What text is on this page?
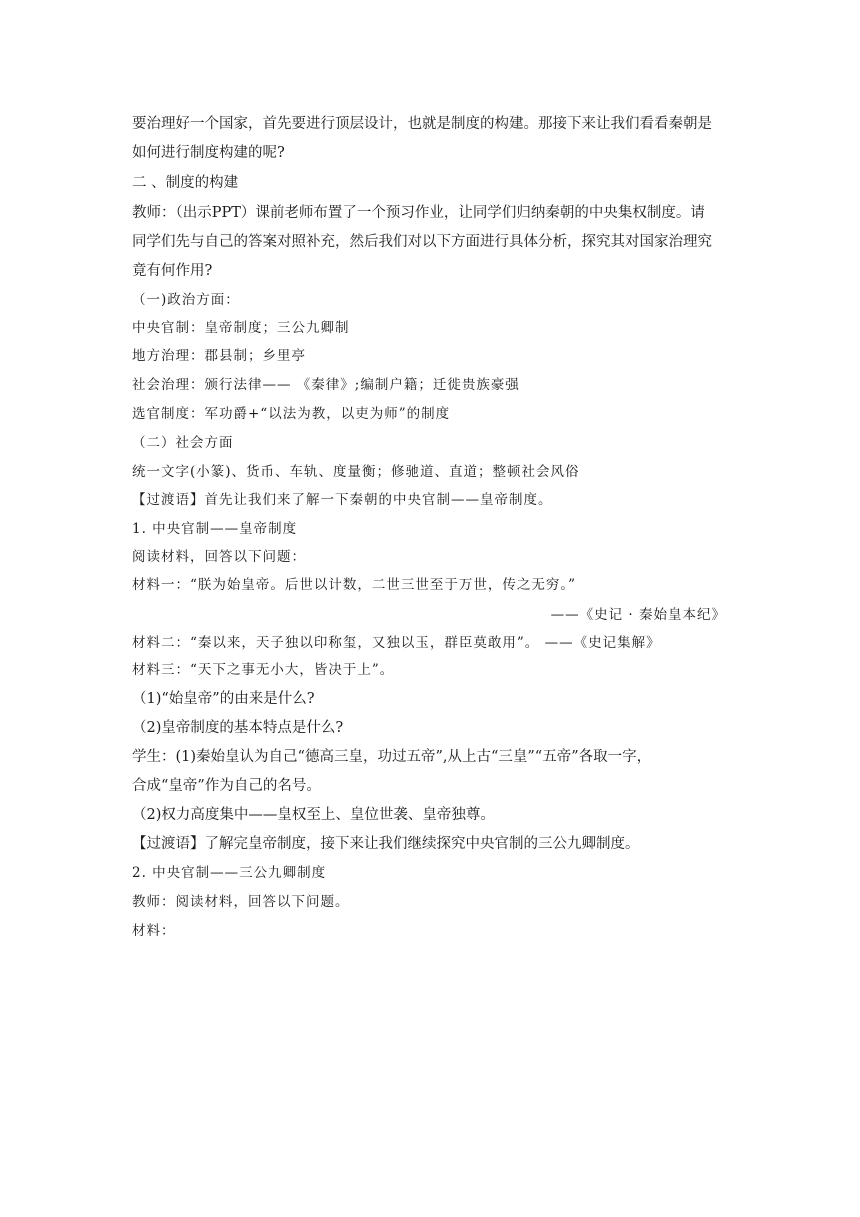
要治理好一个国家，首先要进行顶层设计，也就是制度的构建。那接下来让我们看看秦朝是
如何进行制度构建的呢?
二 、制度的构建
教师：（出示PPT）课前老师布置了一个预习作业，让同学们归纳秦朝的中央集权制度。请
同学们先与自己的答案对照补充，然后我们对以下方面进行具体分析，探究其对国家治理究
竟有何作用?
（一)政治方面：
中央官制：皇帝制度；三公九卿制
地方治理：郡县制；乡里亭
社会治理：颁行法律—— 《秦律》;编制户籍；迁徙贵族豪强
选官制度：军功爵+“以法为教，以吏为师”的制度
（二）社会方面
统一文字(小篆)、货币、车轨、度量衡；修驰道、直道；整顿社会风俗
【过渡语】首先让我们来了解一下秦朝的中央官制——皇帝制度。
1. 中央官制——皇帝制度
阅读材料，回答以下问题：
材料一：“朕为始皇帝。后世以计数，二世三世至于万世，传之无穷。”
——《史记 · 秦始皇本纪》
材料二：“秦以来，天子独以印称玺，又独以玉，群臣莫敢用”。 ——《史记集解》
材料三：“天下之事无小大，皆决于上”。
（1)“始皇帝”的由来是什么?
（2)皇帝制度的基本特点是什么?
学生：(1)秦始皇认为自己“德高三皇，功过五帝”,从上古“三皇”“五帝”各取一字，
合成“皇帝”作为自己的名号。
（2)权力高度集中——皇权至上、皇位世袭、皇帝独尊。
【过渡语】了解完皇帝制度，接下来让我们继续探究中央官制的三公九卿制度。
2. 中央官制——三公九卿制度
教师：阅读材料，回答以下问题。
材料：
